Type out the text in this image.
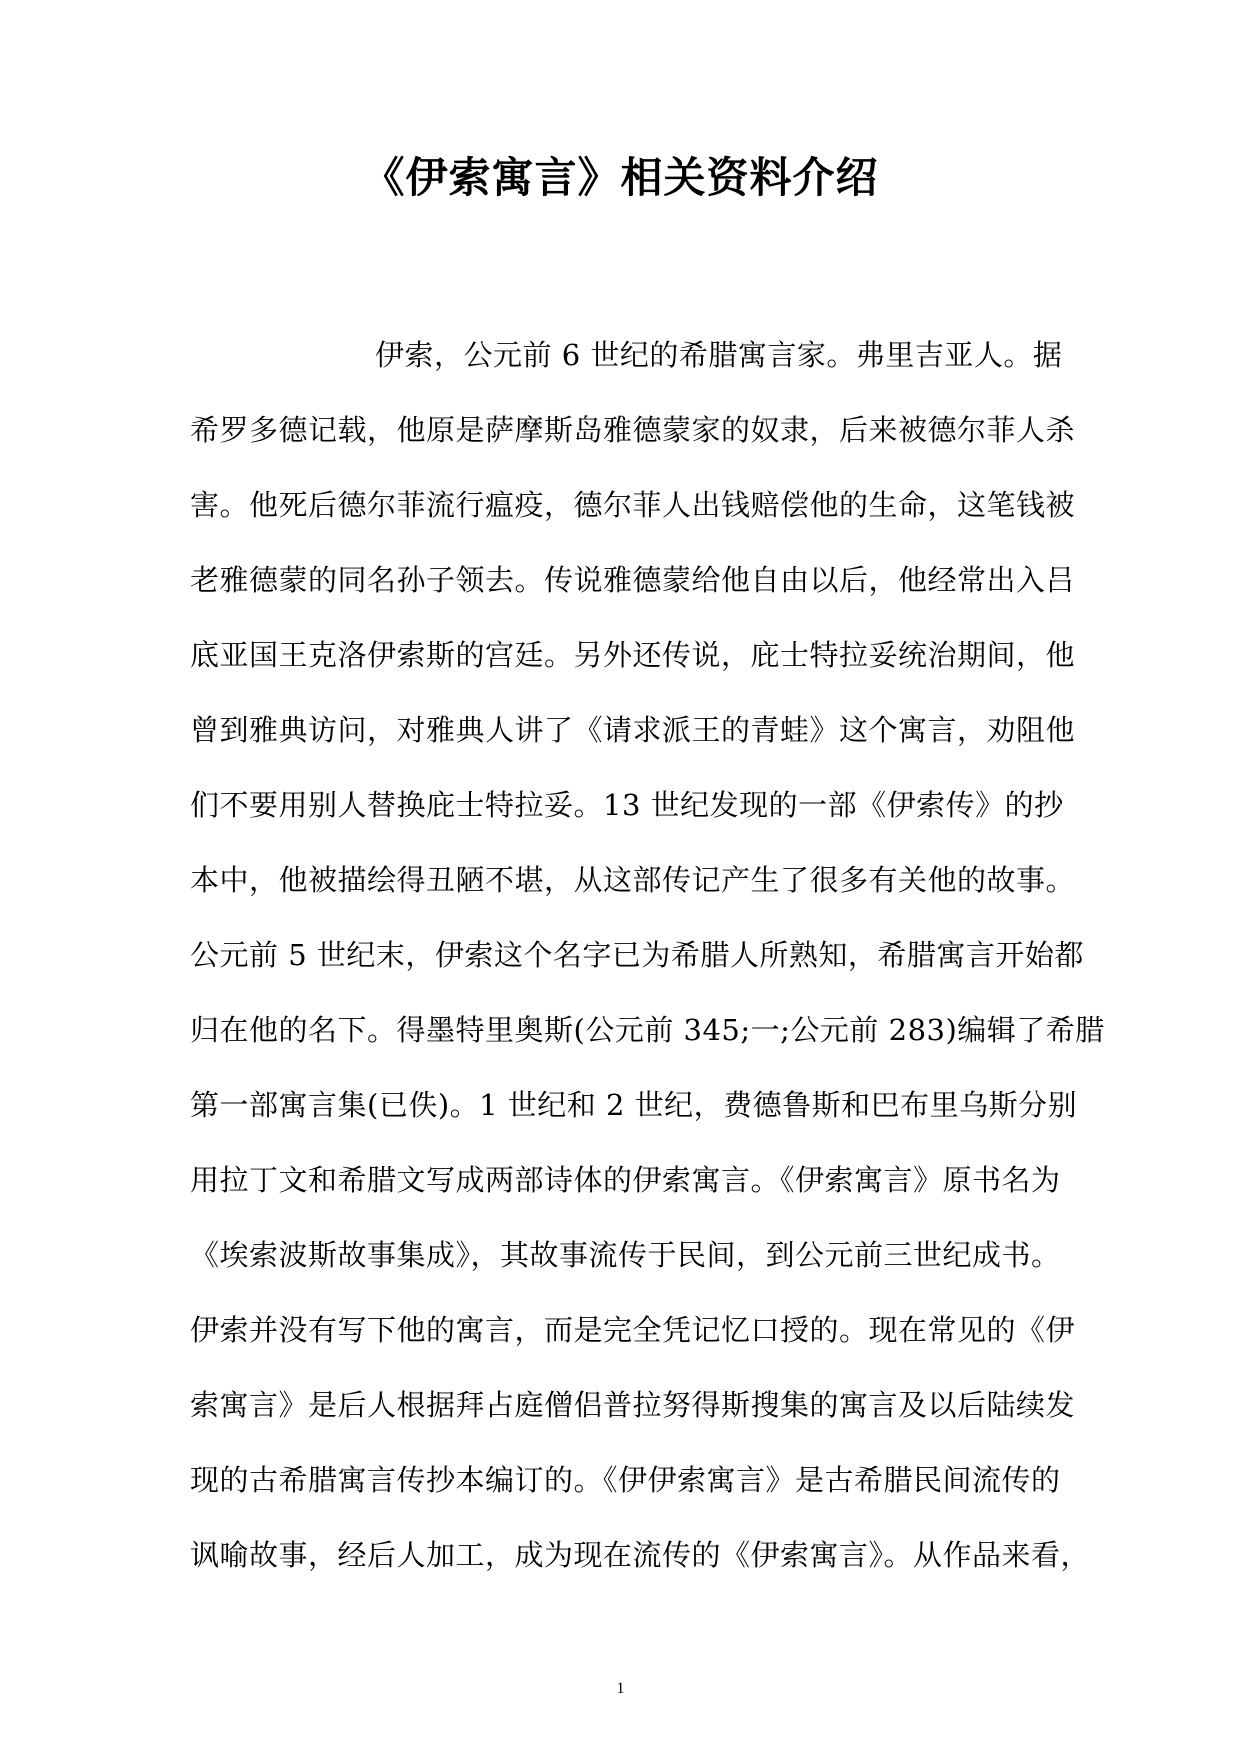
《伊索寓言》相关资料介绍
伊索，公元前 6 世纪的希腊寓言家。弗里吉亚人。据
希罗多德记载，他原是萨摩斯岛雅德蒙家的奴隶，后来被德尔菲人杀
害。他死后德尔菲流行瘟疫，德尔菲人出钱赔偿他的生命，这笔钱被
老雅德蒙的同名孙子领去。传说雅德蒙给他自由以后，他经常出入吕
底亚国王克洛伊索斯的宫廷。另外还传说，庇士特拉妥统治期间，他
曾到雅典访问，对雅典人讲了《请求派王的青蛙》这个寓言，劝阻他
们不要用别人替换庇士特拉妥。13 世纪发现的一部《伊索传》的抄
本中，他被描绘得丑陋不堪，从这部传记产生了很多有关他的故事。
公元前 5 世纪末，伊索这个名字已为希腊人所熟知，希腊寓言开始都
归在他的名下。得墨特里奥斯(公元前 345;一;公元前 283)编辑了希腊
第一部寓言集(已佚)。1 世纪和 2 世纪，费德鲁斯和巴布里乌斯分别
用拉丁文和希腊文写成两部诗体的伊索寓言。《伊索寓言》原书名为
《埃索波斯故事集成》，其故事流传于民间，到公元前三世纪成书。
伊索并没有写下他的寓言，而是完全凭记忆口授的。现在常见的《伊
索寓言》是后人根据拜占庭僧侣普拉努得斯搜集的寓言及以后陆续发
现的古希腊寓言传抄本编订的。《伊伊索寓言》是古希腊民间流传的
讽喻故事，经后人加工，成为现在流传的《伊索寓言》。从作品来看，
1
